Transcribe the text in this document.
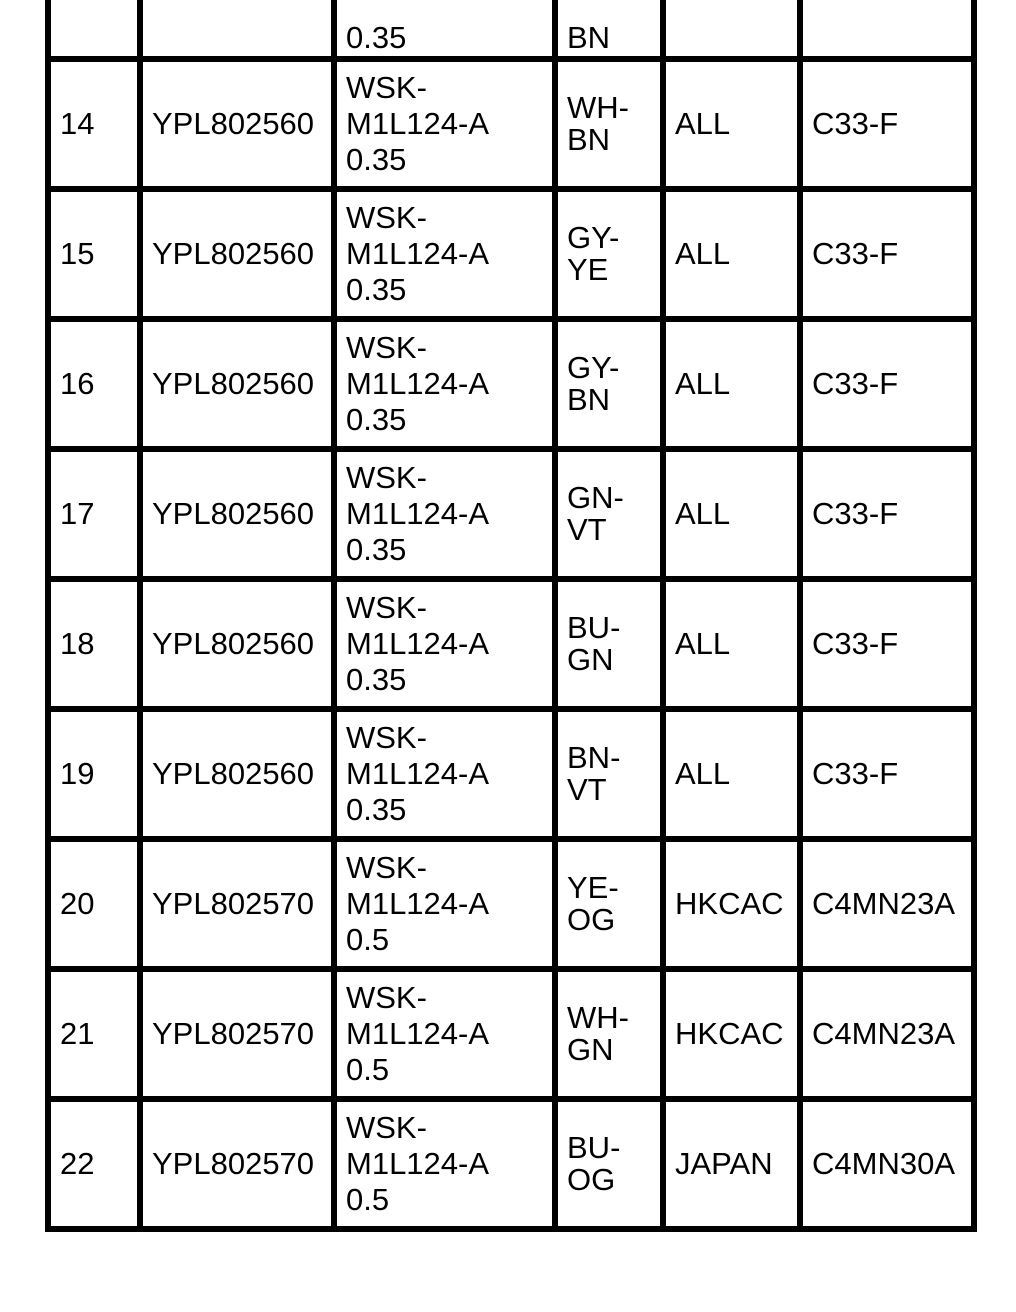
		0.35	BN		
14	YPL802560	WSK-
M1L124-A
0.35	WH-
BN	ALL	C33-F
15	YPL802560	WSK-
M1L124-A
0.35	GY-
YE	ALL	C33-F
16	YPL802560	WSK-
M1L124-A
0.35	GY-
BN	ALL	C33-F
17	YPL802560	WSK-
M1L124-A
0.35	GN-
VT	ALL	C33-F
18	YPL802560	WSK-
M1L124-A
0.35	BU-
GN	ALL	C33-F
19	YPL802560	WSK-
M1L124-A
0.35	BN-
VT	ALL	C33-F
20	YPL802570	WSK-
M1L124-A
0.5	YE-
OG	HKCAC	C4MN23A
21	YPL802570	WSK-
M1L124-A
0.5	WH-
GN	HKCAC	C4MN23A
22	YPL802570	WSK-
M1L124-A
0.5	BU-
OG	JAPAN	C4MN30A
